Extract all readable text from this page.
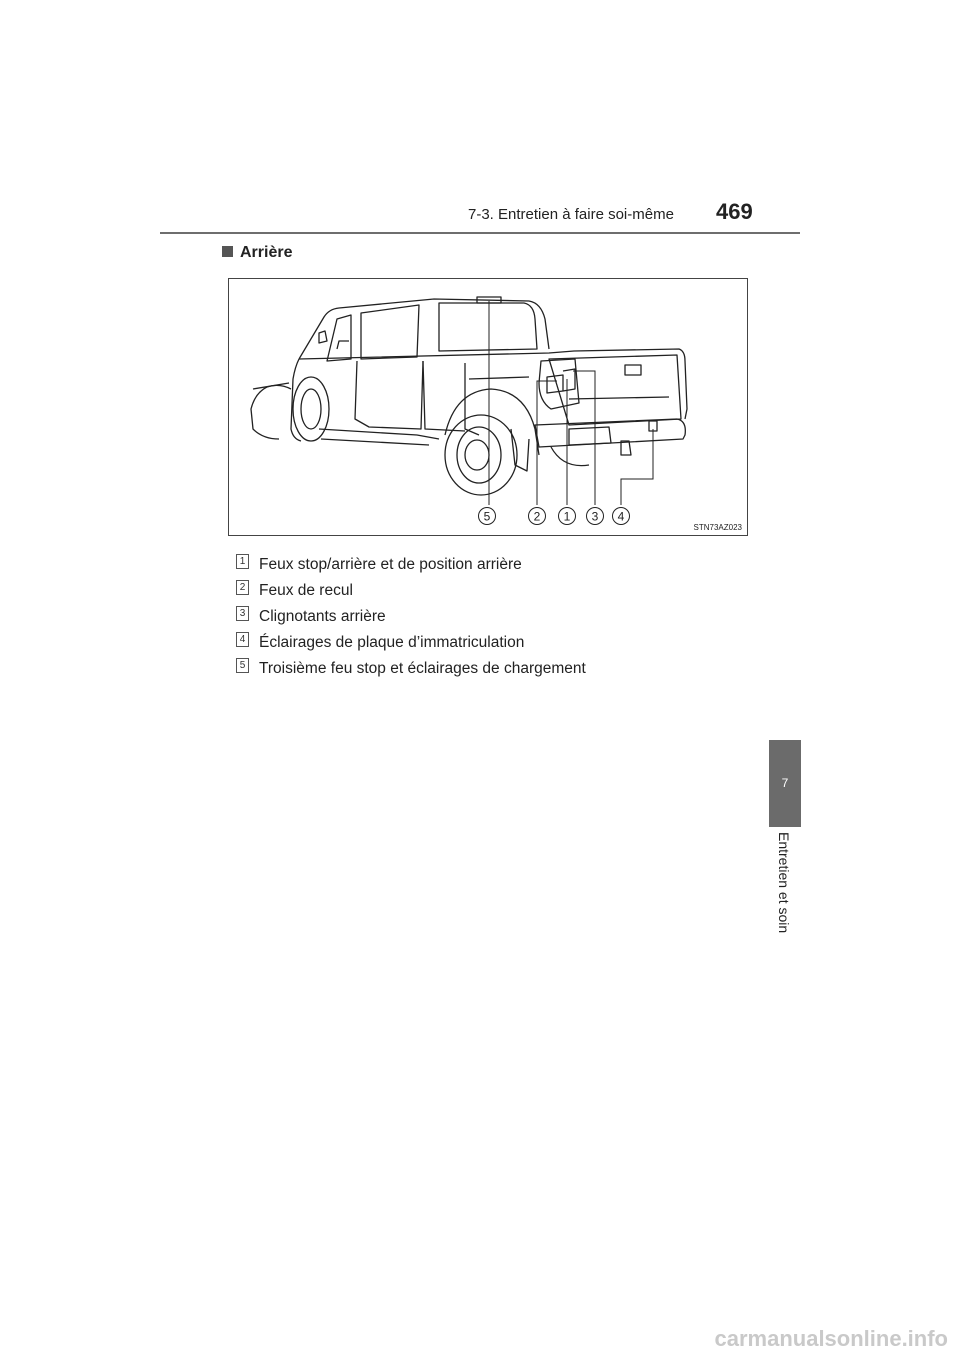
7-3. Entretien à faire soi-même	469
Arrière
5	2 1 3 4
STN73AZ023
1 Feux stop/arrière et de position arrière
2 Feux de recul
3 Clignotants arrière
4 Éclairages de plaque d’immatriculation
5 Troisième feu stop et éclairages de chargement
7
Entretien et soin
carmanualsonline.info
